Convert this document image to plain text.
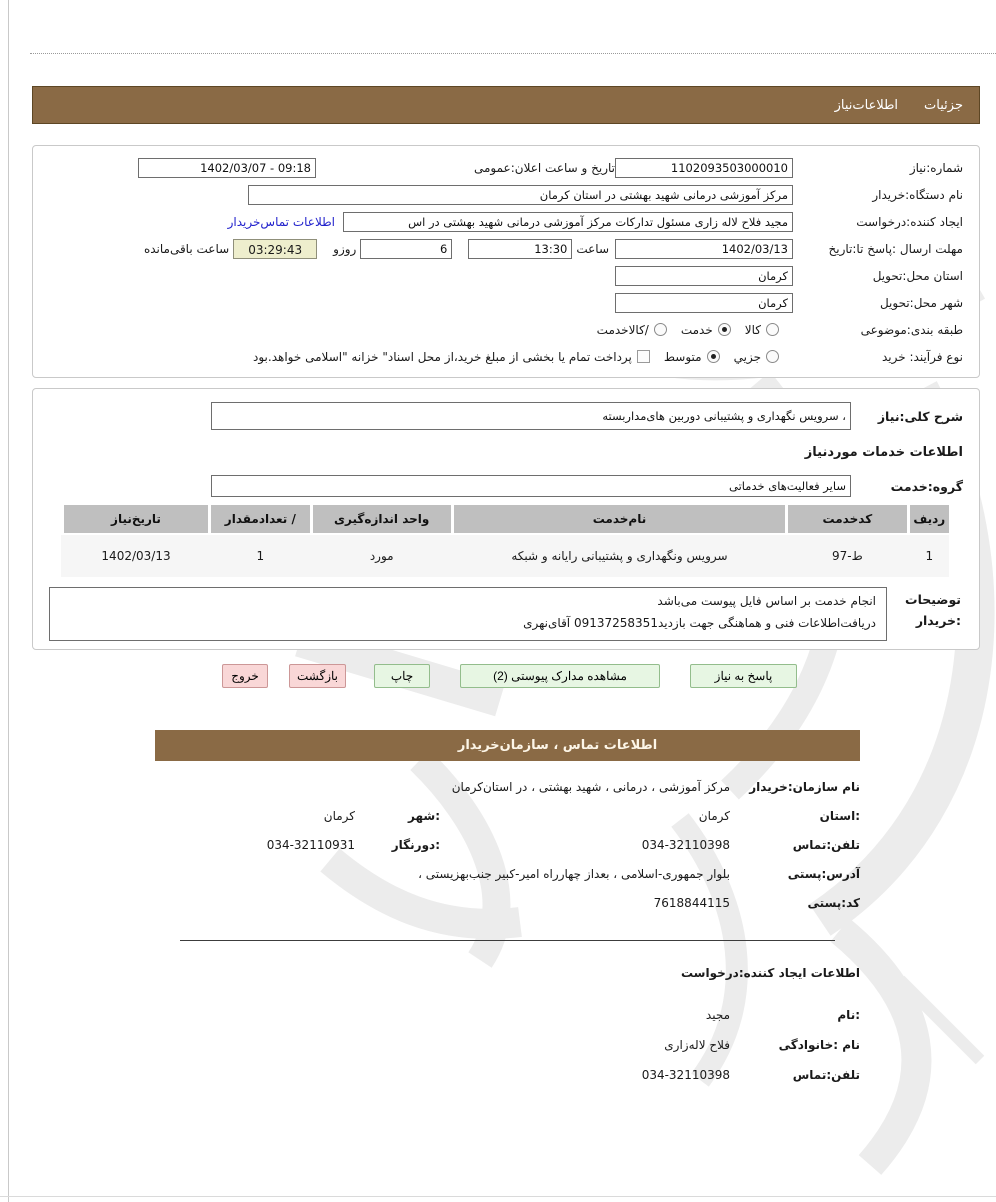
جزئیات
اطلاعات‌نیاز
شماره:نیاز
1102093503000010
تاریخ و ساعت اعلان:عمومی
1402/03/07 - 09:18
نام دستگاه:خریدار
مرکز آموزشی درمانی شهید بهشتی در استان کرمان
ایجاد کننده:درخواست
مجید فلاح لاله زاری مسئول تدارکات مرکز آموزشی درمانی شهید بهشتی در اس
اطلاعات تماس‌خریدار
مهلت ارسال :پاسخ تا:تاریخ
1402/03/13
ساعت
13:30
6
روزو
03:29:43
ساعت باقی‌مانده
استان محل:تحویل
کرمان
شهر محل:تحویل
کرمان
طبقه بندی:موضوعی
کالا
خدمت
/کالاخدمت
نوع فرآیند: خرید
جزیي
متوسط
پرداخت تمام یا بخشی از مبلغ خرید،از محل اسناد" خزانه "اسلامی خواهد.بود
شرح کلی:نیاز
، سرویس نگهداری و پشتیبانی دوربین های‌مداربسته
اطلاعات خدمات موردنیاز
گروه:خدمت
سایر فعالیت‌های خدماتی
ردیف
کدخدمت
نام‌خدمت
واحد اندازه‌گیری
/ تعدادمقدار
تاریخ‌نیاز
1
ط-97
سرویس ونگهداری و پشتیبانی رایانه و شبکه
مورد
1
1402/03/13
توضیحات
:خریدار
انجام خدمت بر اساس فایل پیوست می‌باشد
دریافت‌اطلاعات فنی و هماهنگی جهت بازدید09137258351 آقای‌نهری
پاسخ به نیاز
مشاهده مدارک پیوستی (2)
چاپ
بازگشت
خروج
اطلاعات تماس ، سازمان‌خریدار
نام سازمان:خریدار
مرکز آموزشی ، درمانی ، شهید بهشتی ، در استان‌کرمان
:استان
کرمان
:شهر
کرمان
تلفن:تماس
034-32110398
:دورنگار
034-32110931
آدرس:پستی
بلوار جمهوری-اسلامی ، بعداز چهارراه امیر-کبیر جنب‌بهزیستی ،
کد:پستی
7618844115
اطلاعات ایجاد کننده:درخواست
:نام
مجید
نام :خانوادگی
فلاح لاله‌زاری
تلفن:تماس
034-32110398
